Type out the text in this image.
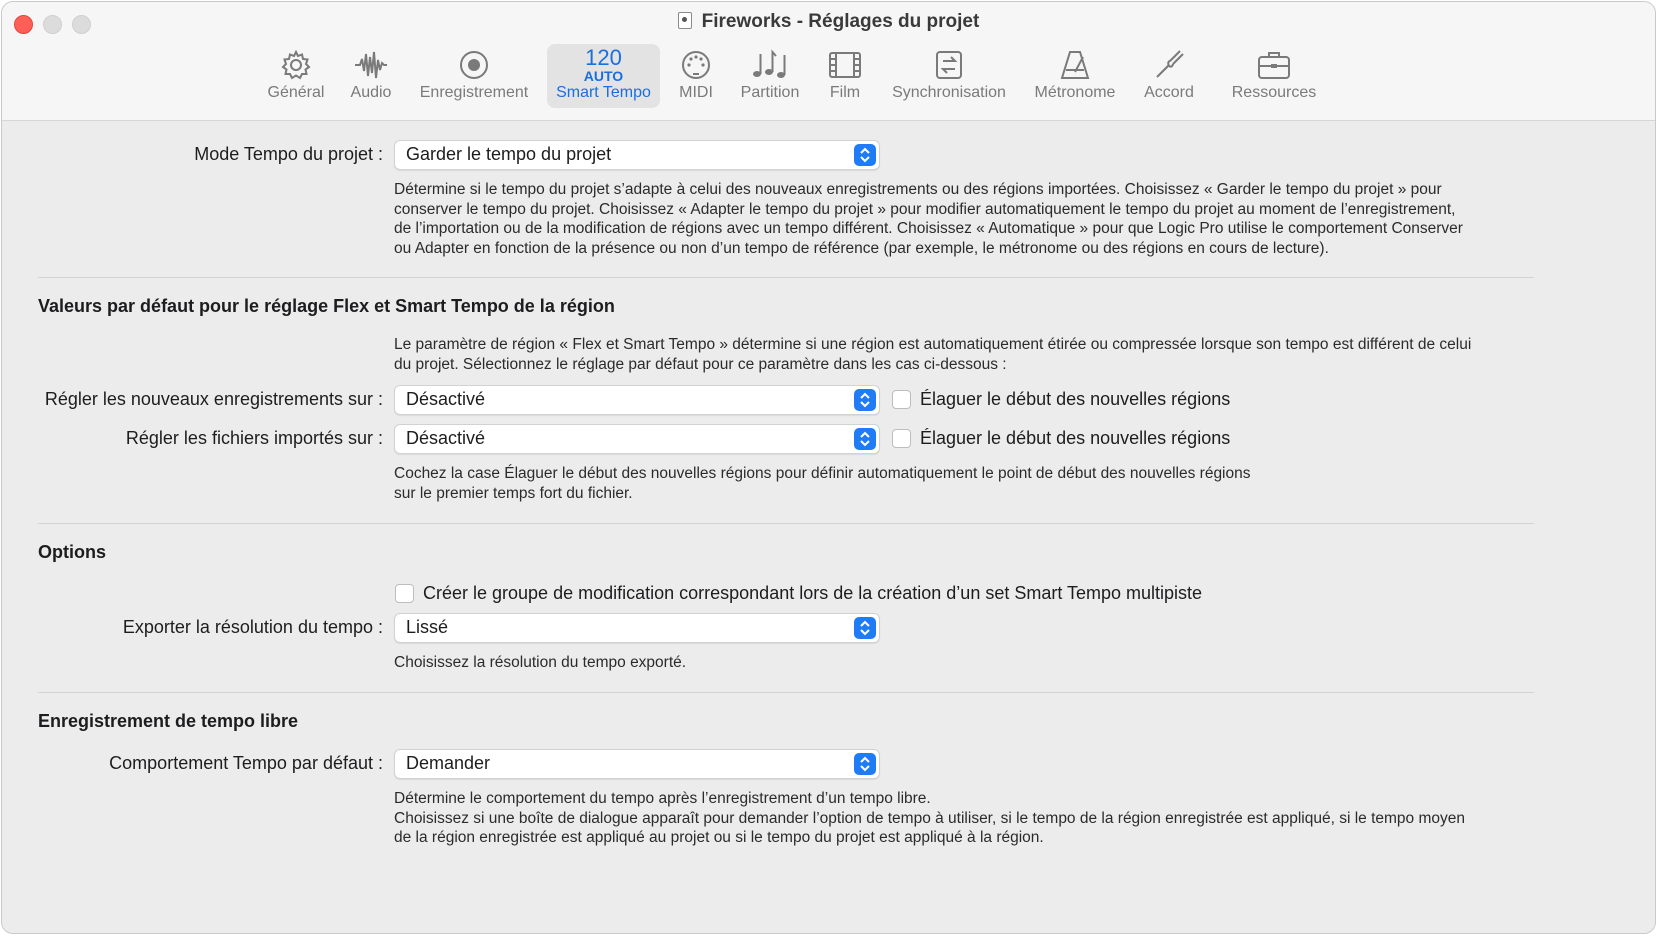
Fireworks - Réglages du projet
Général	Audio	Enregistrement
120
AUTO
Smart Tempo	MIDI	Partition	Film	Synchronisation	Métronome	Accord	Ressources
Mode Tempo du projet : Garder le tempo du projet
Détermine si le tempo du projet s’adapte à celui des nouveaux enregistrements ou des régions importées. Choisissez « Garder le tempo du projet » pour
conserver le tempo du projet. Choisissez « Adapter le tempo du projet » pour modifier automatiquement le tempo du projet au moment de l’enregistrement,
de l’importation ou de la modification de régions avec un tempo différent. Choisissez « Automatique » pour que Logic Pro utilise le comportement Conserver
ou Adapter en fonction de la présence ou non d’un tempo de référence (par exemple, le métronome ou des régions en cours de lecture).
Valeurs par défaut pour le réglage Flex et Smart Tempo de la région
Le paramètre de région « Flex et Smart Tempo » détermine si une région est automatiquement étirée ou compressée lorsque son tempo est différent de celui
du projet. Sélectionnez le réglage par défaut pour ce paramètre dans les cas ci-dessous :
Régler les nouveaux enregistrements sur : Désactivé	Élaguer le début des nouvelles régions
Régler les fichiers importés sur : Désactivé	Élaguer le début des nouvelles régions
Cochez la case Élaguer le début des nouvelles régions pour définir automatiquement le point de début des nouvelles régions
sur le premier temps fort du fichier.
Options
Créer le groupe de modification correspondant lors de la création d’un set Smart Tempo multipiste
Exporter la résolution du tempo : Lissé
Choisissez la résolution du tempo exporté.
Enregistrement de tempo libre
Comportement Tempo par défaut : Demander
Détermine le comportement du tempo après l’enregistrement d’un tempo libre.
Choisissez si une boîte de dialogue apparaît pour demander l’option de tempo à utiliser, si le tempo de la région enregistrée est appliqué, si le tempo moyen
de la région enregistrée est appliqué au projet ou si le tempo du projet est appliqué à la région.
